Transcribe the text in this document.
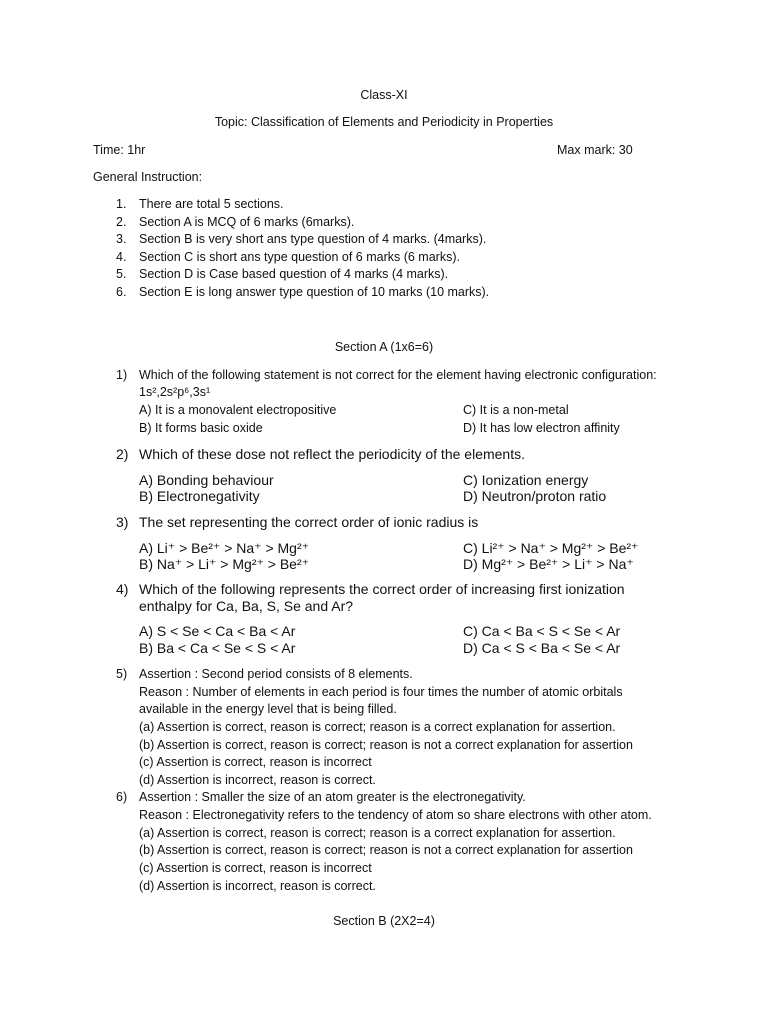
Class-XI
Topic: Classification of Elements and Periodicity in Properties
Time: 1hr	Max mark: 30
General Instruction:
1. There are total 5 sections.
2. Section A is MCQ of 6 marks (6marks).
3. Section B is very short ans type question of 4 marks. (4marks).
4. Section C is short ans type question of 6 marks (6 marks).
5. Section D is Case based question of 4 marks (4 marks).
6. Section E is long answer type question of 10 marks (10 marks).
Section A (1x6=6)
1) Which of the following statement is not correct for the element having electronic configuration:
1s²,2s²p⁶,3s¹
A) It is a monovalent electropositive	C) It is a non-metal
B) It forms basic oxide	D) It has low electron affinity
2) Which of these dose not reflect the periodicity of the elements.
A) Bonding behaviour	C) Ionization energy
B) Electronegativity	D) Neutron/proton ratio
3) The set representing the correct order of ionic radius is
A) Li⁺ > Be²⁺ > Na⁺ > Mg²⁺	C) Li²⁺ > Na⁺ > Mg²⁺ > Be²⁺
B) Na⁺ > Li⁺ > Mg²⁺ > Be²⁺	D) Mg²⁺ > Be²⁺ > Li⁺ > Na⁺
4) Which of the following represents the correct order of increasing first ionization
enthalpy for Ca, Ba, S, Se and Ar?
A) S < Se < Ca < Ba < Ar	C) Ca < Ba < S < Se < Ar
B) Ba < Ca < Se < S < Ar	D) Ca < S < Ba < Se < Ar
5) Assertion : Second period consists of 8 elements.
Reason : Number of elements in each period is four times the number of atomic orbitals
available in the energy level that is being filled.
(a) Assertion is correct, reason is correct; reason is a correct explanation for assertion.
(b) Assertion is correct, reason is correct; reason is not a correct explanation for assertion
(c) Assertion is correct, reason is incorrect
(d) Assertion is incorrect, reason is correct.
6) Assertion : Smaller the size of an atom greater is the electronegativity.
Reason : Electronegativity refers to the tendency of atom so share electrons with other atom.
(a) Assertion is correct, reason is correct; reason is a correct explanation for assertion.
(b) Assertion is correct, reason is correct; reason is not a correct explanation for assertion
(c) Assertion is correct, reason is incorrect
(d) Assertion is incorrect, reason is correct.
Section B (2X2=4)
